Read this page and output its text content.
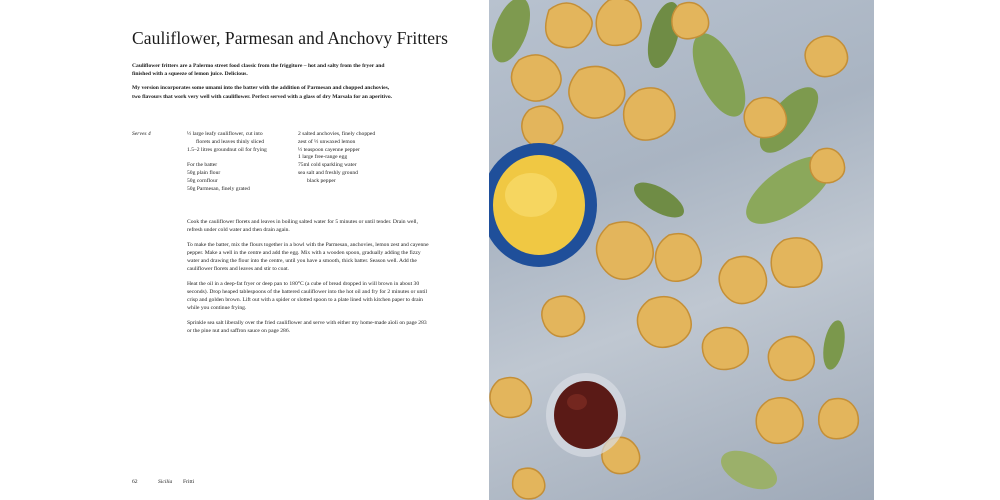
Cauliflower, Parmesan and Anchovy Fritters

Cauliflower fritters are a Palermo street food classic from the friggitore – hot and salty from the fryer and finished with a squeeze of lemon juice. Delicious.

My version incorporates some umami into the batter with the addition of Parmesan and chopped anchovies, two flavours that work very well with cauliflower. Perfect served with a glass of dry Marsala for an aperitivo.

Serves 4	½ large leafy cauliflower, cut into
florets and leaves thinly sliced
1.5–2 litres groundnut oil for frying
For the batter
50g plain flour
50g cornflour
50g Parmesan, finely grated
2 salted anchovies, finely chopped
zest of ½ unwaxed lemon
½ teaspoon cayenne pepper
1 large free-range egg
75ml cold sparkling water
sea salt and freshly ground
black pepper

Cook the cauliflower florets and leaves in boiling salted water for 5 minutes or until tender. Drain well, refresh under cold water and then drain again.

To make the batter, mix the flours together in a bowl with the Parmesan, anchovies, lemon zest and cayenne pepper. Make a well in the centre and add the egg. Mix with a wooden spoon, gradually adding the fizzy water and drawing the flour into the centre, until you have a smooth, thick batter. Season well. Add the cauliflower florets and leaves and stir to coat.

Heat the oil in a deep-fat fryer or deep pan to 180°C (a cube of bread dropped in will brown in about 30 seconds). Drop heaped tablespoons of the battered cauliflower into the hot oil and fry for 2 minutes or until crisp and golden brown. Lift out with a spider or slotted spoon to a plate lined with kitchen paper to drain while you continue frying.

Sprinkle sea salt liberally over the fried cauliflower and serve with either my home-made aïoli on page 283 or the pine nut and saffron sauce on page 286.

62	Sicilia Fritti
